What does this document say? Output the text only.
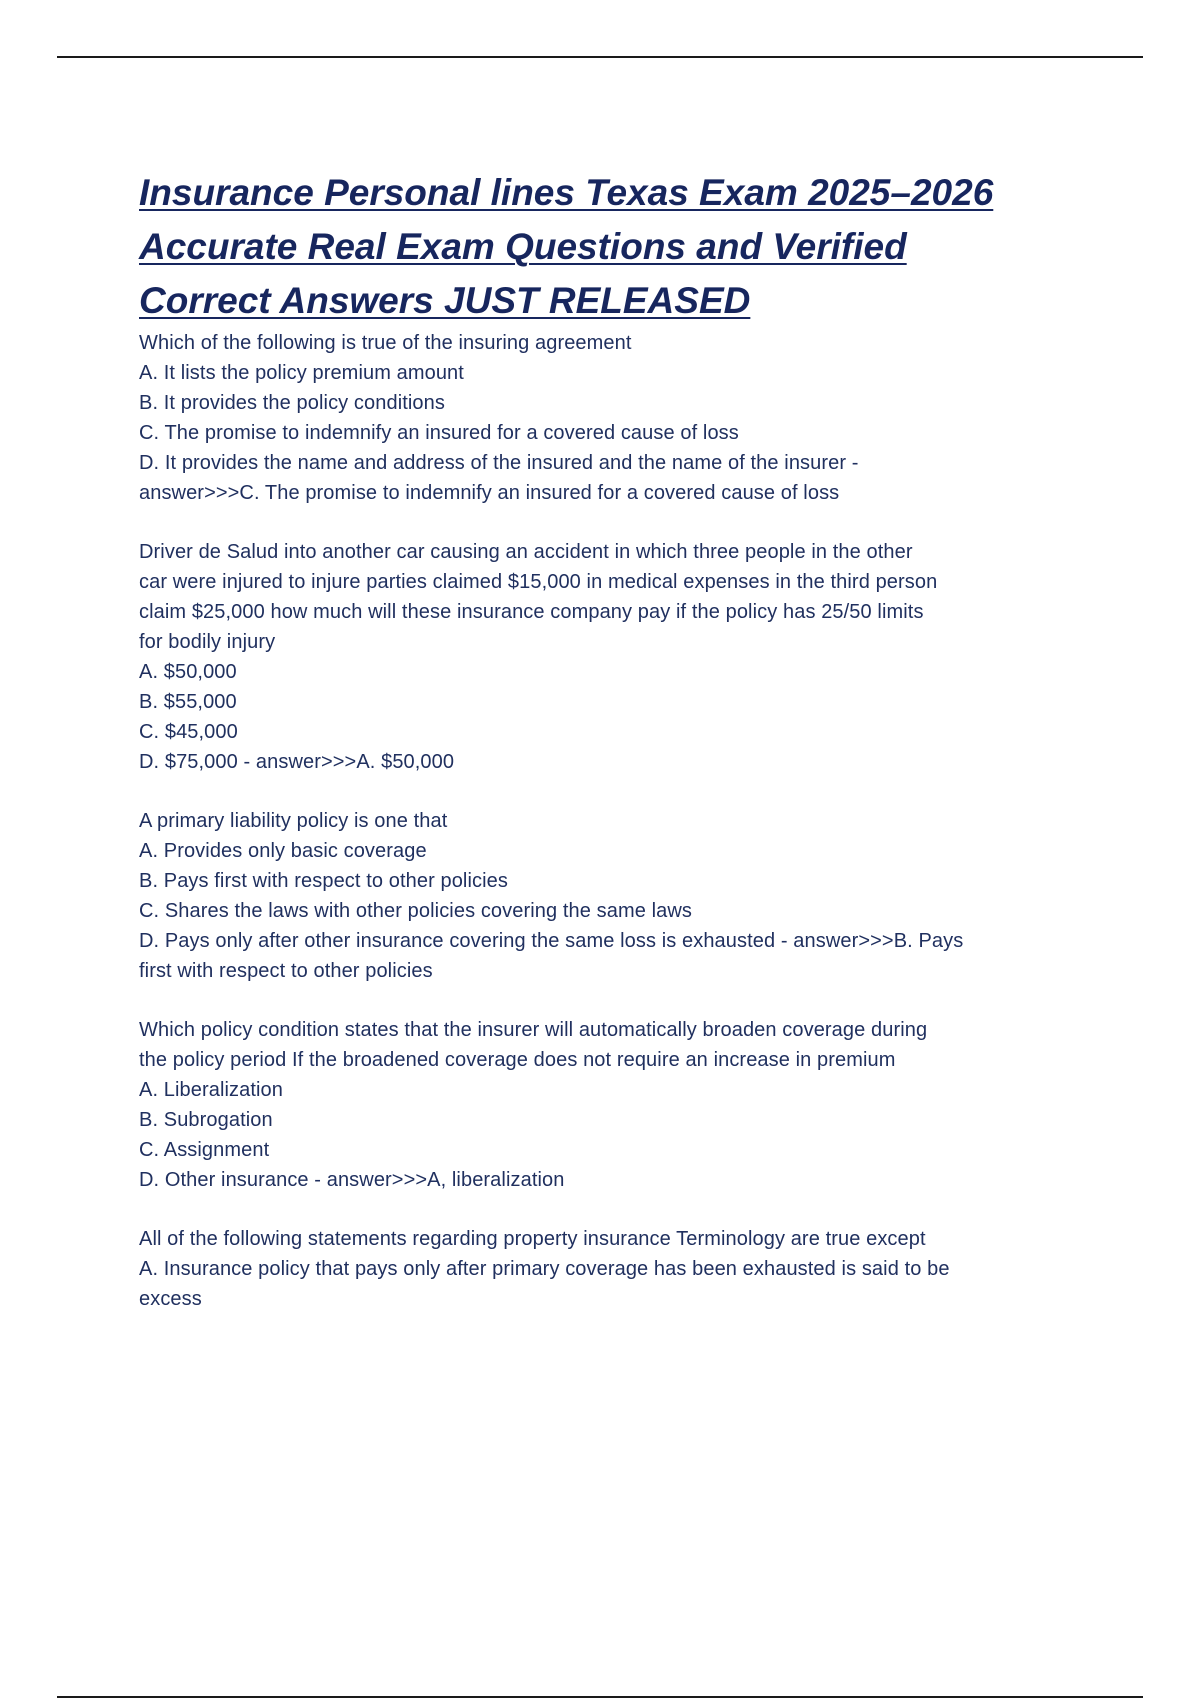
Insurance Personal lines Texas Exam 2025–2026
Accurate Real Exam Questions and Verified
Correct Answers JUST RELEASED
Which of the following is true of the insuring agreement
A. It lists the policy premium amount
B. It provides the policy conditions
C. The promise to indemnify an insured for a covered cause of loss
D. It provides the name and address of the insured and the name of the insurer -
answer>>>C. The promise to indemnify an insured for a covered cause of loss
Driver de Salud into another car causing an accident in which three people in the other
car were injured to injure parties claimed $15,000 in medical expenses in the third person
claim $25,000 how much will these insurance company pay if the policy has 25/50 limits
for bodily injury
A. $50,000
B. $55,000
C. $45,000
D. $75,000 - answer>>>A. $50,000
A primary liability policy is one that
A. Provides only basic coverage
B. Pays first with respect to other policies
C. Shares the laws with other policies covering the same laws
D. Pays only after other insurance covering the same loss is exhausted - answer>>>B. Pays
first with respect to other policies
Which policy condition states that the insurer will automatically broaden coverage during
the policy period If the broadened coverage does not require an increase in premium
A. Liberalization
B. Subrogation
C. Assignment
D. Other insurance - answer>>>A, liberalization
All of the following statements regarding property insurance Terminology are true except
A. Insurance policy that pays only after primary coverage has been exhausted is said to be
excess
